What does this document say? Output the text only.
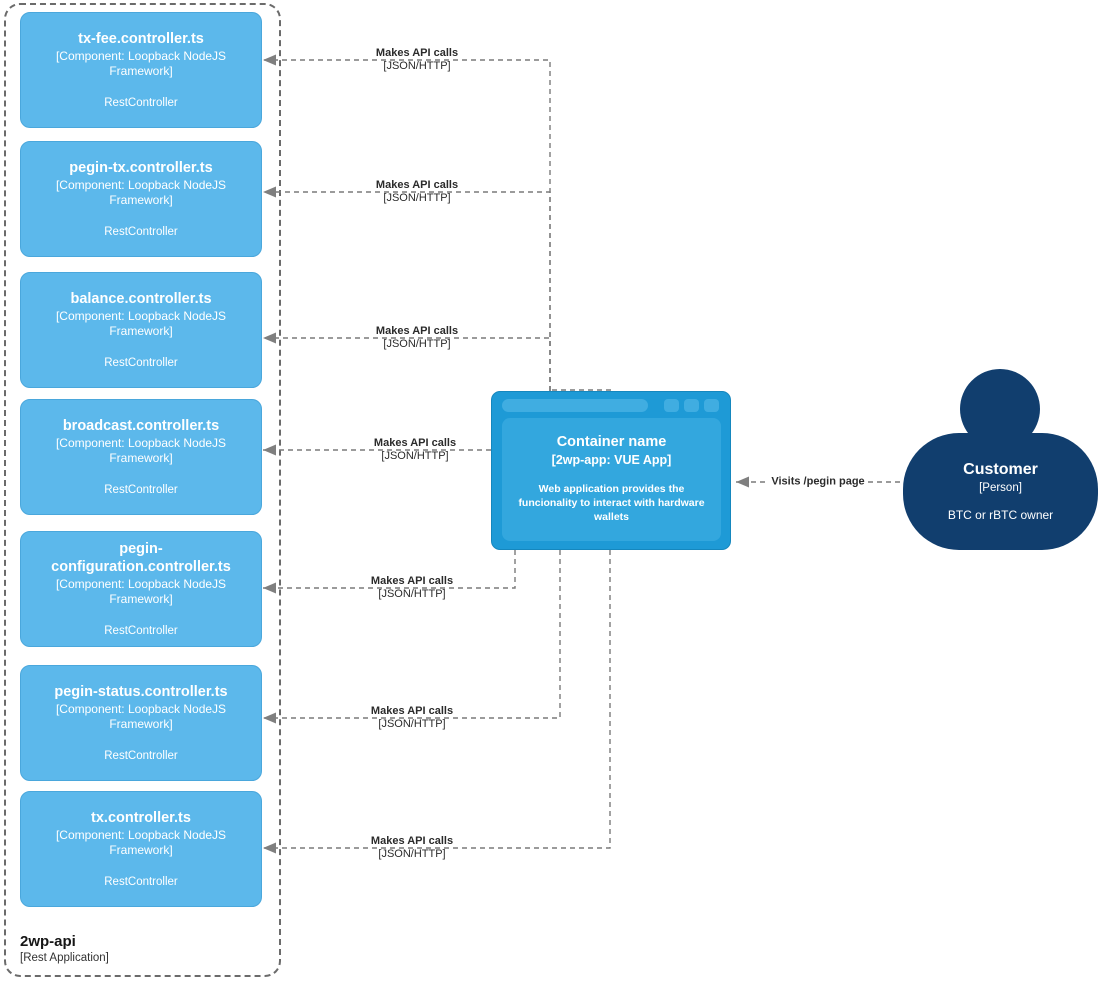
2wp-api
[Rest Application]
tx-fee.controller.ts
[Component: Loopback NodeJS Framework]
RestController
pegin-tx.controller.ts
[Component: Loopback NodeJS Framework]
RestController
balance.controller.ts
[Component: Loopback NodeJS Framework]
RestController
broadcast.controller.ts
[Component: Loopback NodeJS Framework]
RestController
pegin-configuration.controller.ts
[Component: Loopback NodeJS Framework]
RestController
pegin-status.controller.ts
[Component: Loopback NodeJS Framework]
RestController
tx.controller.ts
[Component: Loopback NodeJS Framework]
RestController
Container name
[2wp-app: VUE App]
Web application provides the funcionality to interact with hardware wallets
Customer
[Person]
BTC or rBTC owner
Makes API calls
[JSON/HTTP]
Makes API calls
[JSON/HTTP]
Makes API calls
[JSON/HTTP]
Makes API calls
[JSON/HTTP]
Makes API calls
[JSON/HTTP]
Makes API calls
[JSON/HTTP]
Makes API calls
[JSON/HTTP]
Visits /pegin page
